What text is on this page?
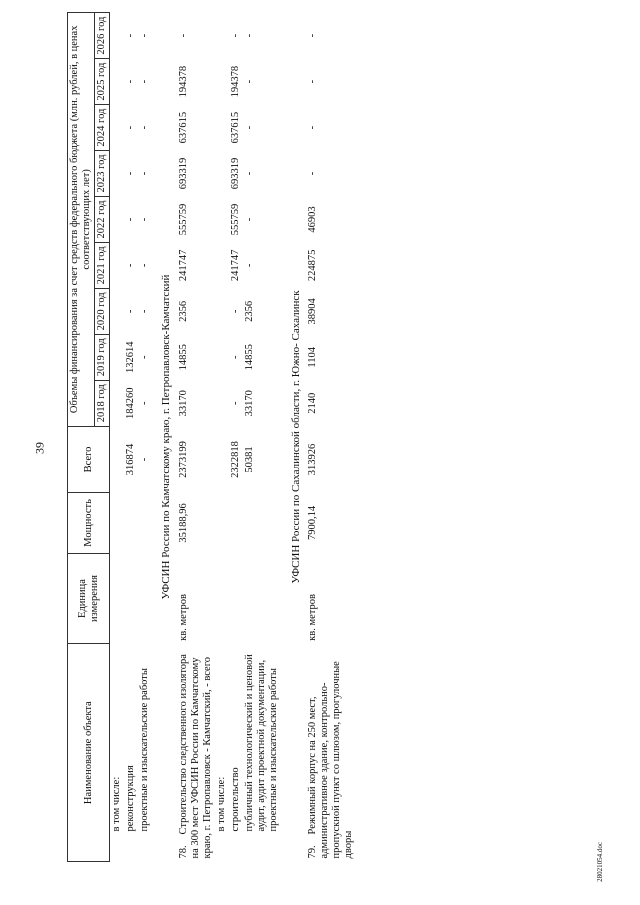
39
28021054.doc
Наименование объекта	Единица измерения	Мощность	Всего	Объемы финансирования за счет средств федерального бюджета (млн. рублей, в ценах соответствующих лет)								
				2018 год	2019 год	2020 год	2021 год	2022 год	2023 год	2024 год	2025 год	2026 год
в том числе:												
реконструкция			316874	184260	132614	-	-	-	-	-	-	-
проектные и изыскательские работы			-	-	-	-	-	-	-	-	-	-
УФСИН России по Камчатскому краю, г. Петропавловск-Камчатский												
78.Строительство следственного изолятора на 300 мест УФСИН России по Камчатскому краю, г. Петропавловск - Камчатский, - всего	кв. метров	35188,96	2373199	33170	14855	2356	241747	555759	693319	637615	194378	-
в том числе:												
строительство			2322818	-	-	-	241747	555759	693319	637615	194378	-
публичный технологический и ценовой аудит, аудит проектной документации, проектные и изыскательские работы			50381	33170	14855	2356	-	-	-	-	-	-
УФСИН России по Сахалинской области, г. Южно- Сахалинск												
79.Режимный корпус на 250 мест, административное здание, контрольно-пропускной пункт со шлюзом, прогулочные дворы	кв. метров	7900,14	313926	2140	1104	38904	224875	46903	-	-	-	-
